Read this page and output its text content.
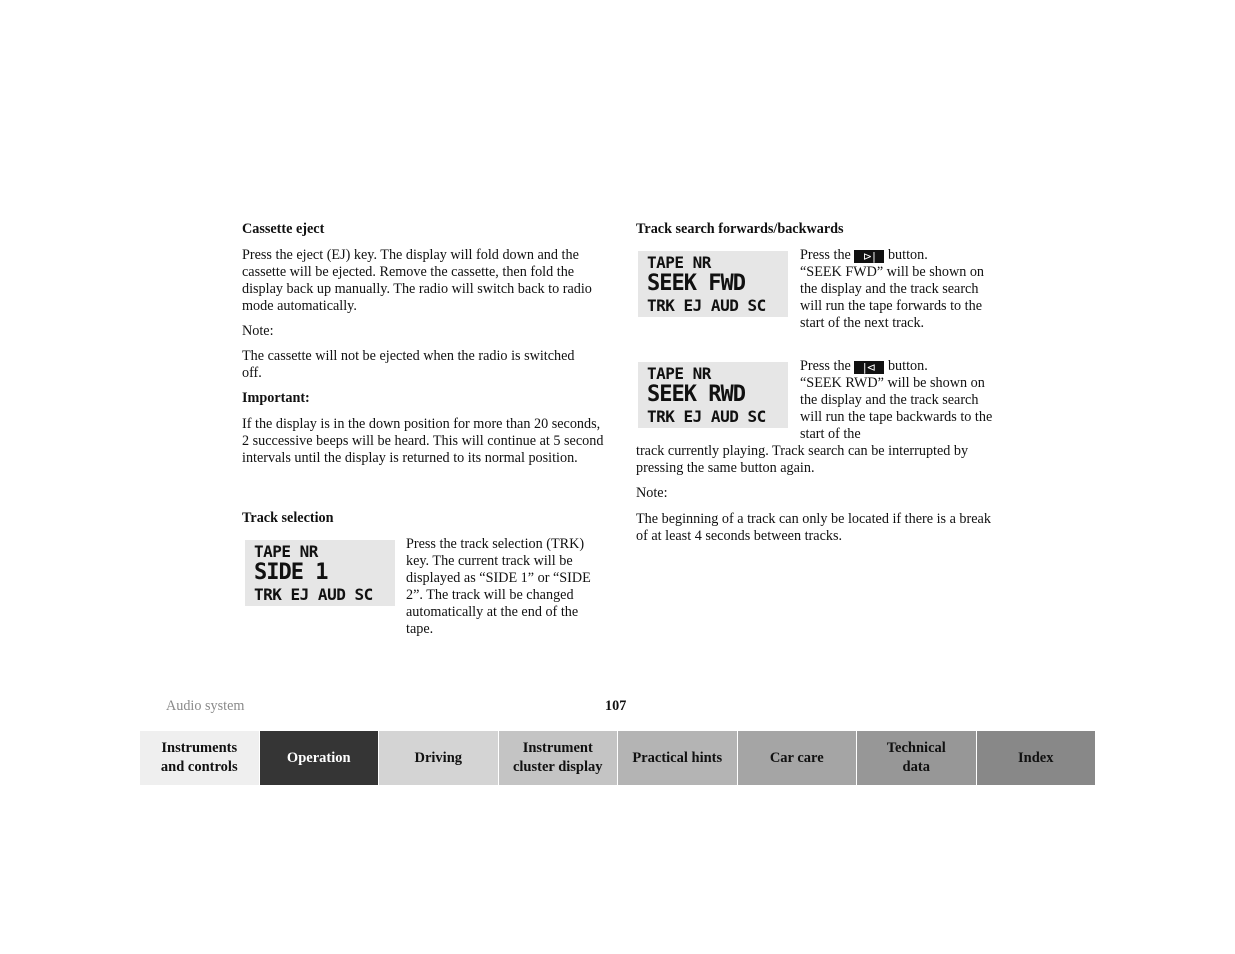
Cassette eject

Press the eject (EJ) key. The display will fold down and the cassette will be ejected. Remove the cassette, then fold the display back up manually. The radio will switch back to radio mode automatically.

Note:

The cassette will not be ejected when the radio is switched off.

Important:

If the display is in the down position for more than 20 seconds, 2 successive beeps will be heard. This will continue at 5 second intervals until the display is returned to its normal position.

Track selection

TAPE NR
SIDE 1
TRK EJ AUD SC

Press the track selection (TRK) key. The current track will be displayed as “SIDE 1” or “SIDE 2”. The track will be changed automatically at the end of the tape.

Track search forwards/backwards

TAPE NR
SEEK FWD
TRK EJ AUD SC

Press the ⊳| button.
“SEEK FWD” will be shown on the display and the track search will run the tape forwards to the start of the next track.

TAPE NR
SEEK RWD
TRK EJ AUD SC

Press the |⊲ button.
“SEEK RWD” will be shown on the display and the track search will run the tape backwards to the start of the

track currently playing. Track search can be interrupted by pressing the same button again.

Note:

The beginning of a track can only be located if there is a break of at least 4 seconds between tracks.

Audio system	107

Instruments and controls
Operation	Driving
Instrument cluster display
Practical hints	Car care
Technical data
Index
